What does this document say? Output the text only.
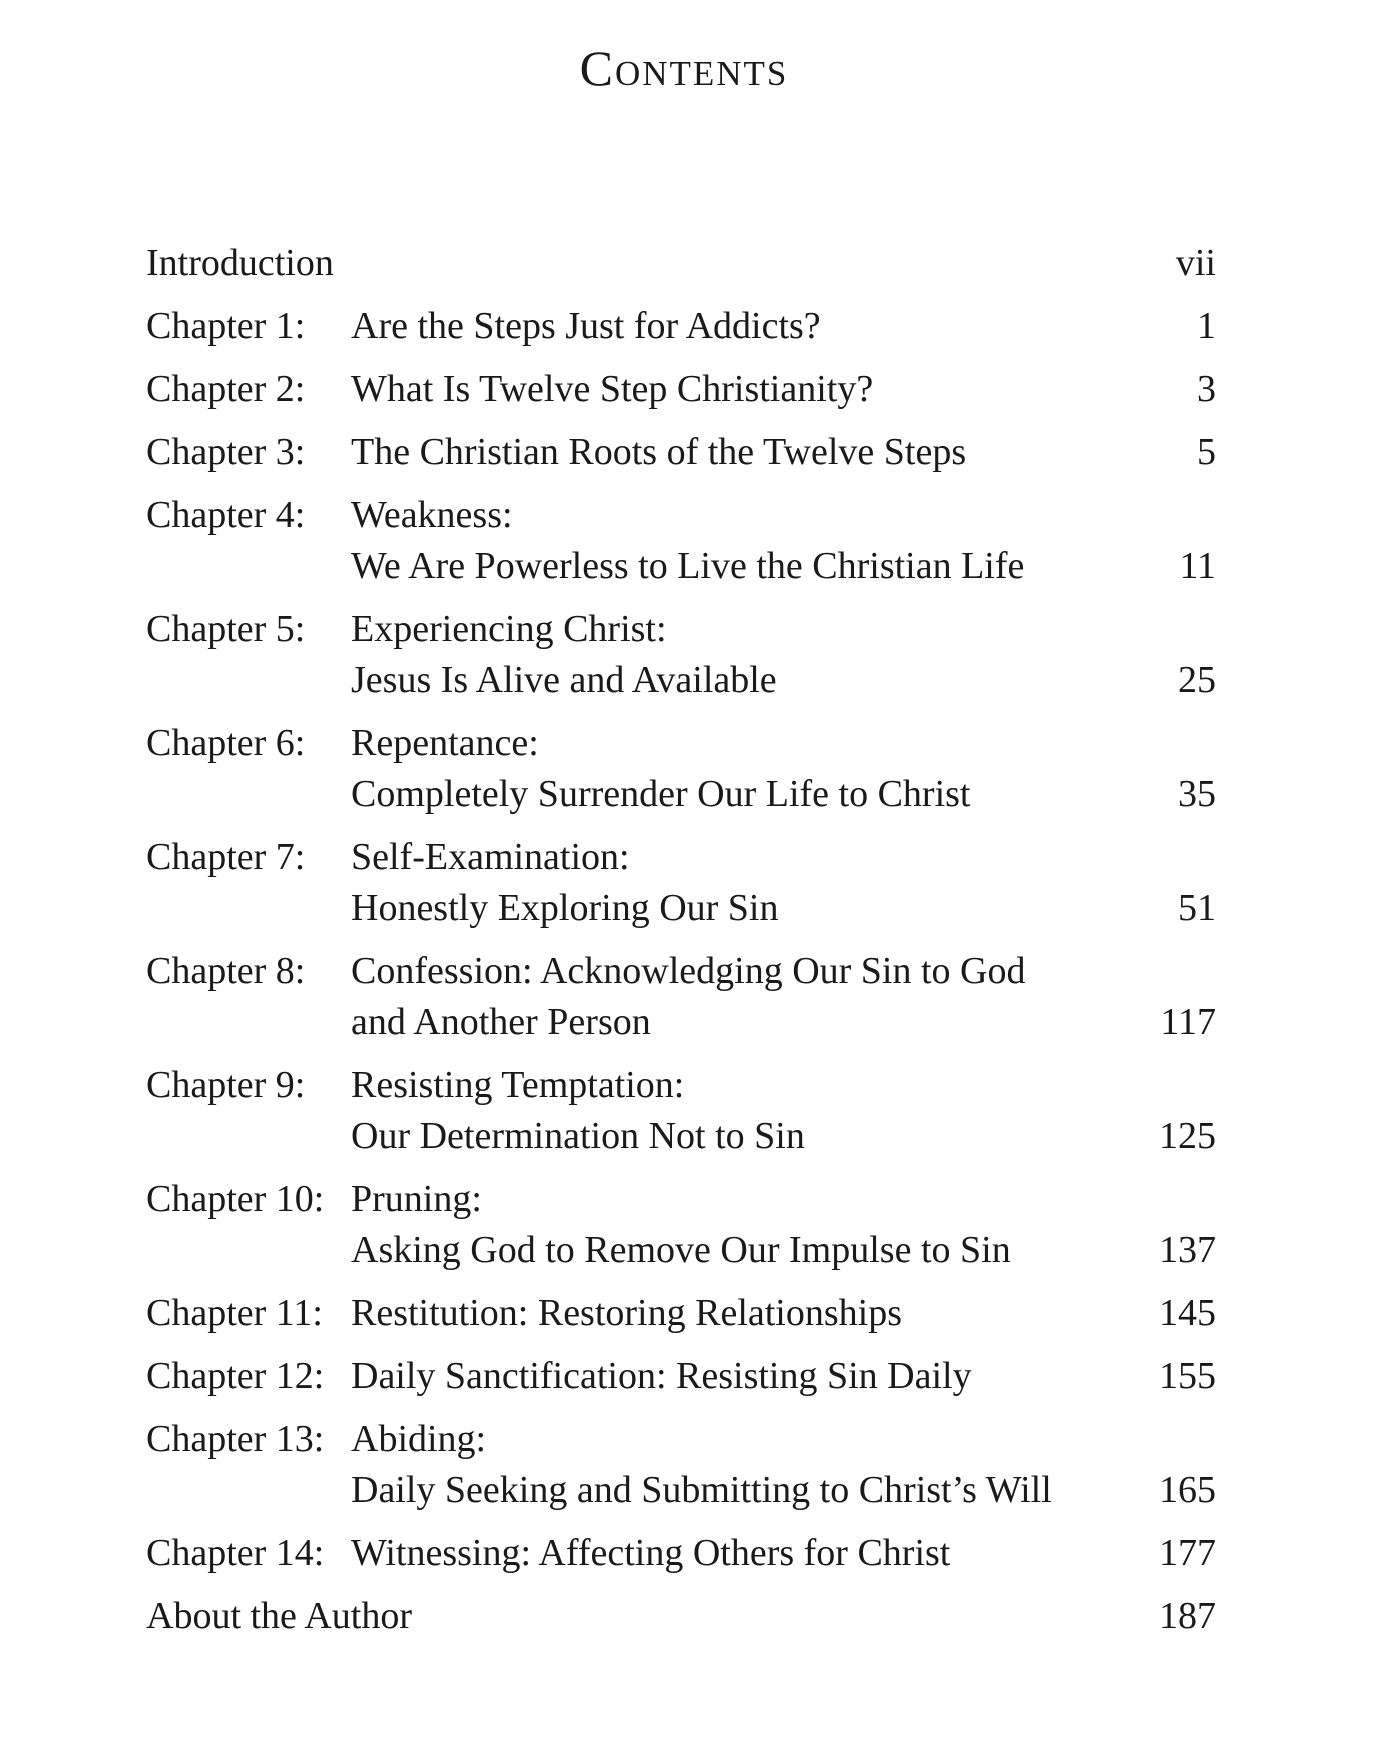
Contents
Introduction	vii
Chapter 1:	Are the Steps Just for Addicts?	1
Chapter 2:	What Is Twelve Step Christianity?	3
Chapter 3:	The Christian Roots of the Twelve Steps	5
Chapter 4:	Weakness:
We Are Powerless to Live the Christian Life	11
Chapter 5:	Experiencing Christ:
Jesus Is Alive and Available	25
Chapter 6:	Repentance:
Completely Surrender Our Life to Christ	35
Chapter 7:	Self-Examination:
Honestly Exploring Our Sin	51
Chapter 8:	Confession: Acknowledging Our Sin to God
and Another Person	117
Chapter 9:	Resisting Temptation:
Our Determination Not to Sin	125
Chapter 10: Pruning:
Asking God to Remove Our Impulse to Sin	137
Chapter 11: Restitution: Restoring Relationships	145
Chapter 12: Daily Sanctification: Resisting Sin Daily	155
Chapter 13: Abiding:
Daily Seeking and Submitting to Christ’s Will	165
Chapter 14: Witnessing: Affecting Others for Christ	177
About the Author	187
